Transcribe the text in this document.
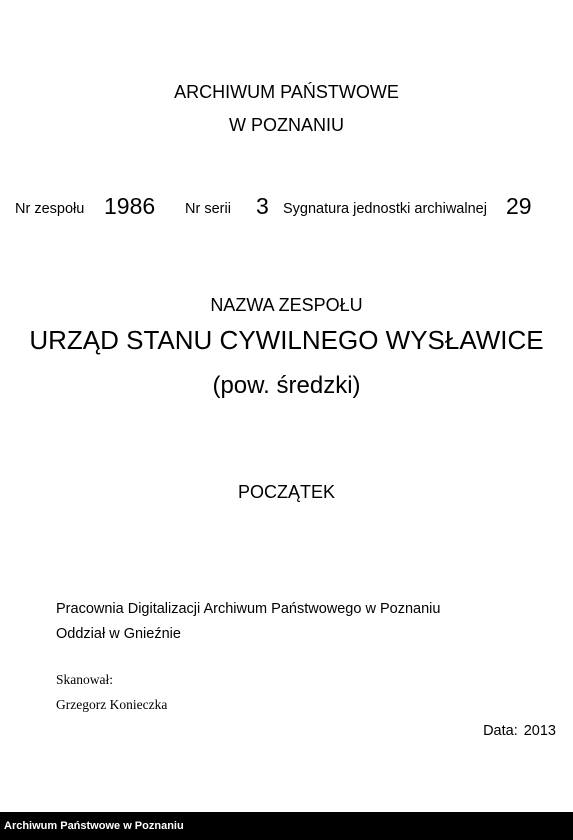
ARCHIWUM PAŃSTWOWE
W POZNANIU
Nr zespołu 1986 Nr serii 3 Sygnatura jednostki archiwalnej 29
NAZWA ZESPOŁU
URZĄD STANU CYWILNEGO WYSŁAWICE
(pow. średzki)
POCZĄTEK
Pracownia Digitalizacji Archiwum Państwowego w Poznaniu
Oddział w Gnieźnie
Skanował:
Grzegorz Konieczka
Data: 2013
Archiwum Państwowe w Poznaniu
